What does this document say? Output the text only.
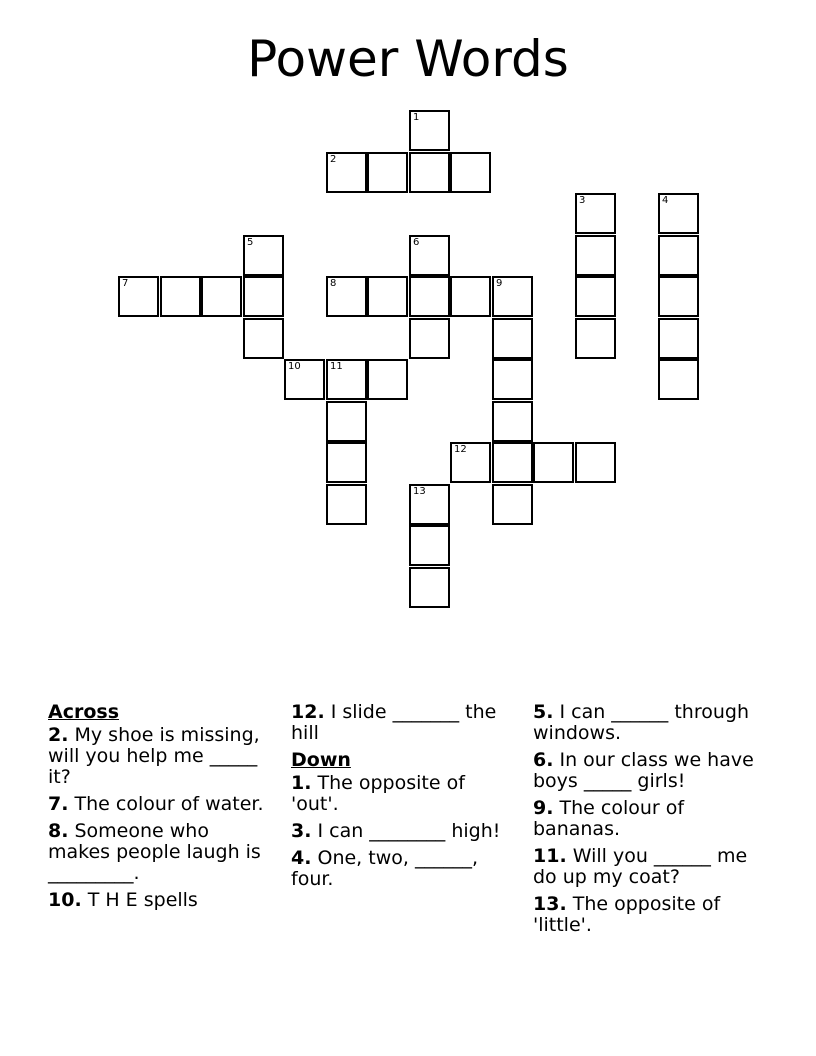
Power Words
1
2
3	4
5	6
7	8	9
10	11
12
13
Across
2. My shoe is missing, will you help me _____ it?
7. The colour of water.
8. Someone who makes people laugh is _________.
10. T H E spells
12. I slide _______ the hill
Down
1. The opposite of 'out'.
3. I can ________ high!
4. One, two, ______, four.
5. I can ______ through windows.
6. In our class we have boys _____ girls!
9. The colour of bananas.
11. Will you ______ me do up my coat?
13. The opposite of 'little'.
